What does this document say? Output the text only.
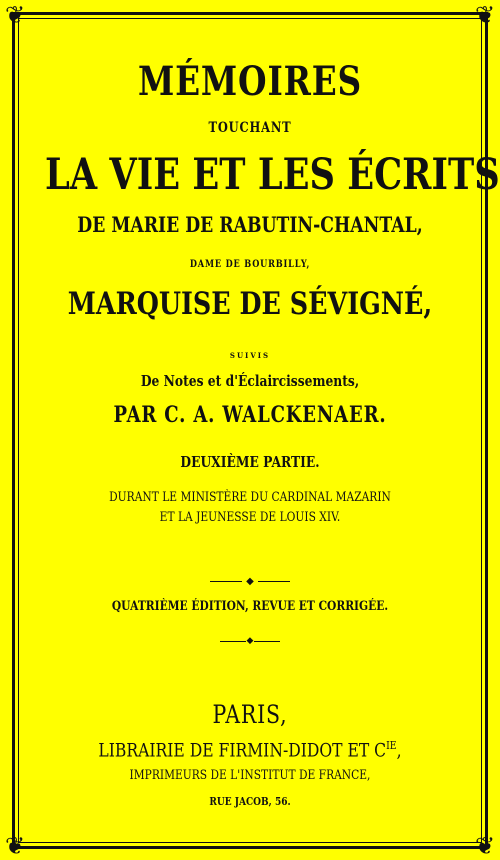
❦	❦
❦	❦
MÉMOIRES
TOUCHANT
LA VIE ET LES ÉCRITS
DE MARIE DE RABUTIN-CHANTAL,
DAME DE BOURBILLY,
MARQUISE DE SÉVIGNÉ,
SUIVIS
De Notes et d'Éclaircissements,
PAR C. A. WALCKENAER.
DEUXIÈME PARTIE.
DURANT LE MINISTÈRE DU CARDINAL MAZARIN
ET LA JEUNESSE DE LOUIS XIV.
◆
QUATRIÈME ÉDITION, REVUE ET CORRIGÉE.
◆
PARIS,
LIBRAIRIE DE FIRMIN-DIDOT ET $C^{IE}$,
IMPRIMEURS DE L'INSTITUT DE FRANCE,
RUE JACOB, 56.
